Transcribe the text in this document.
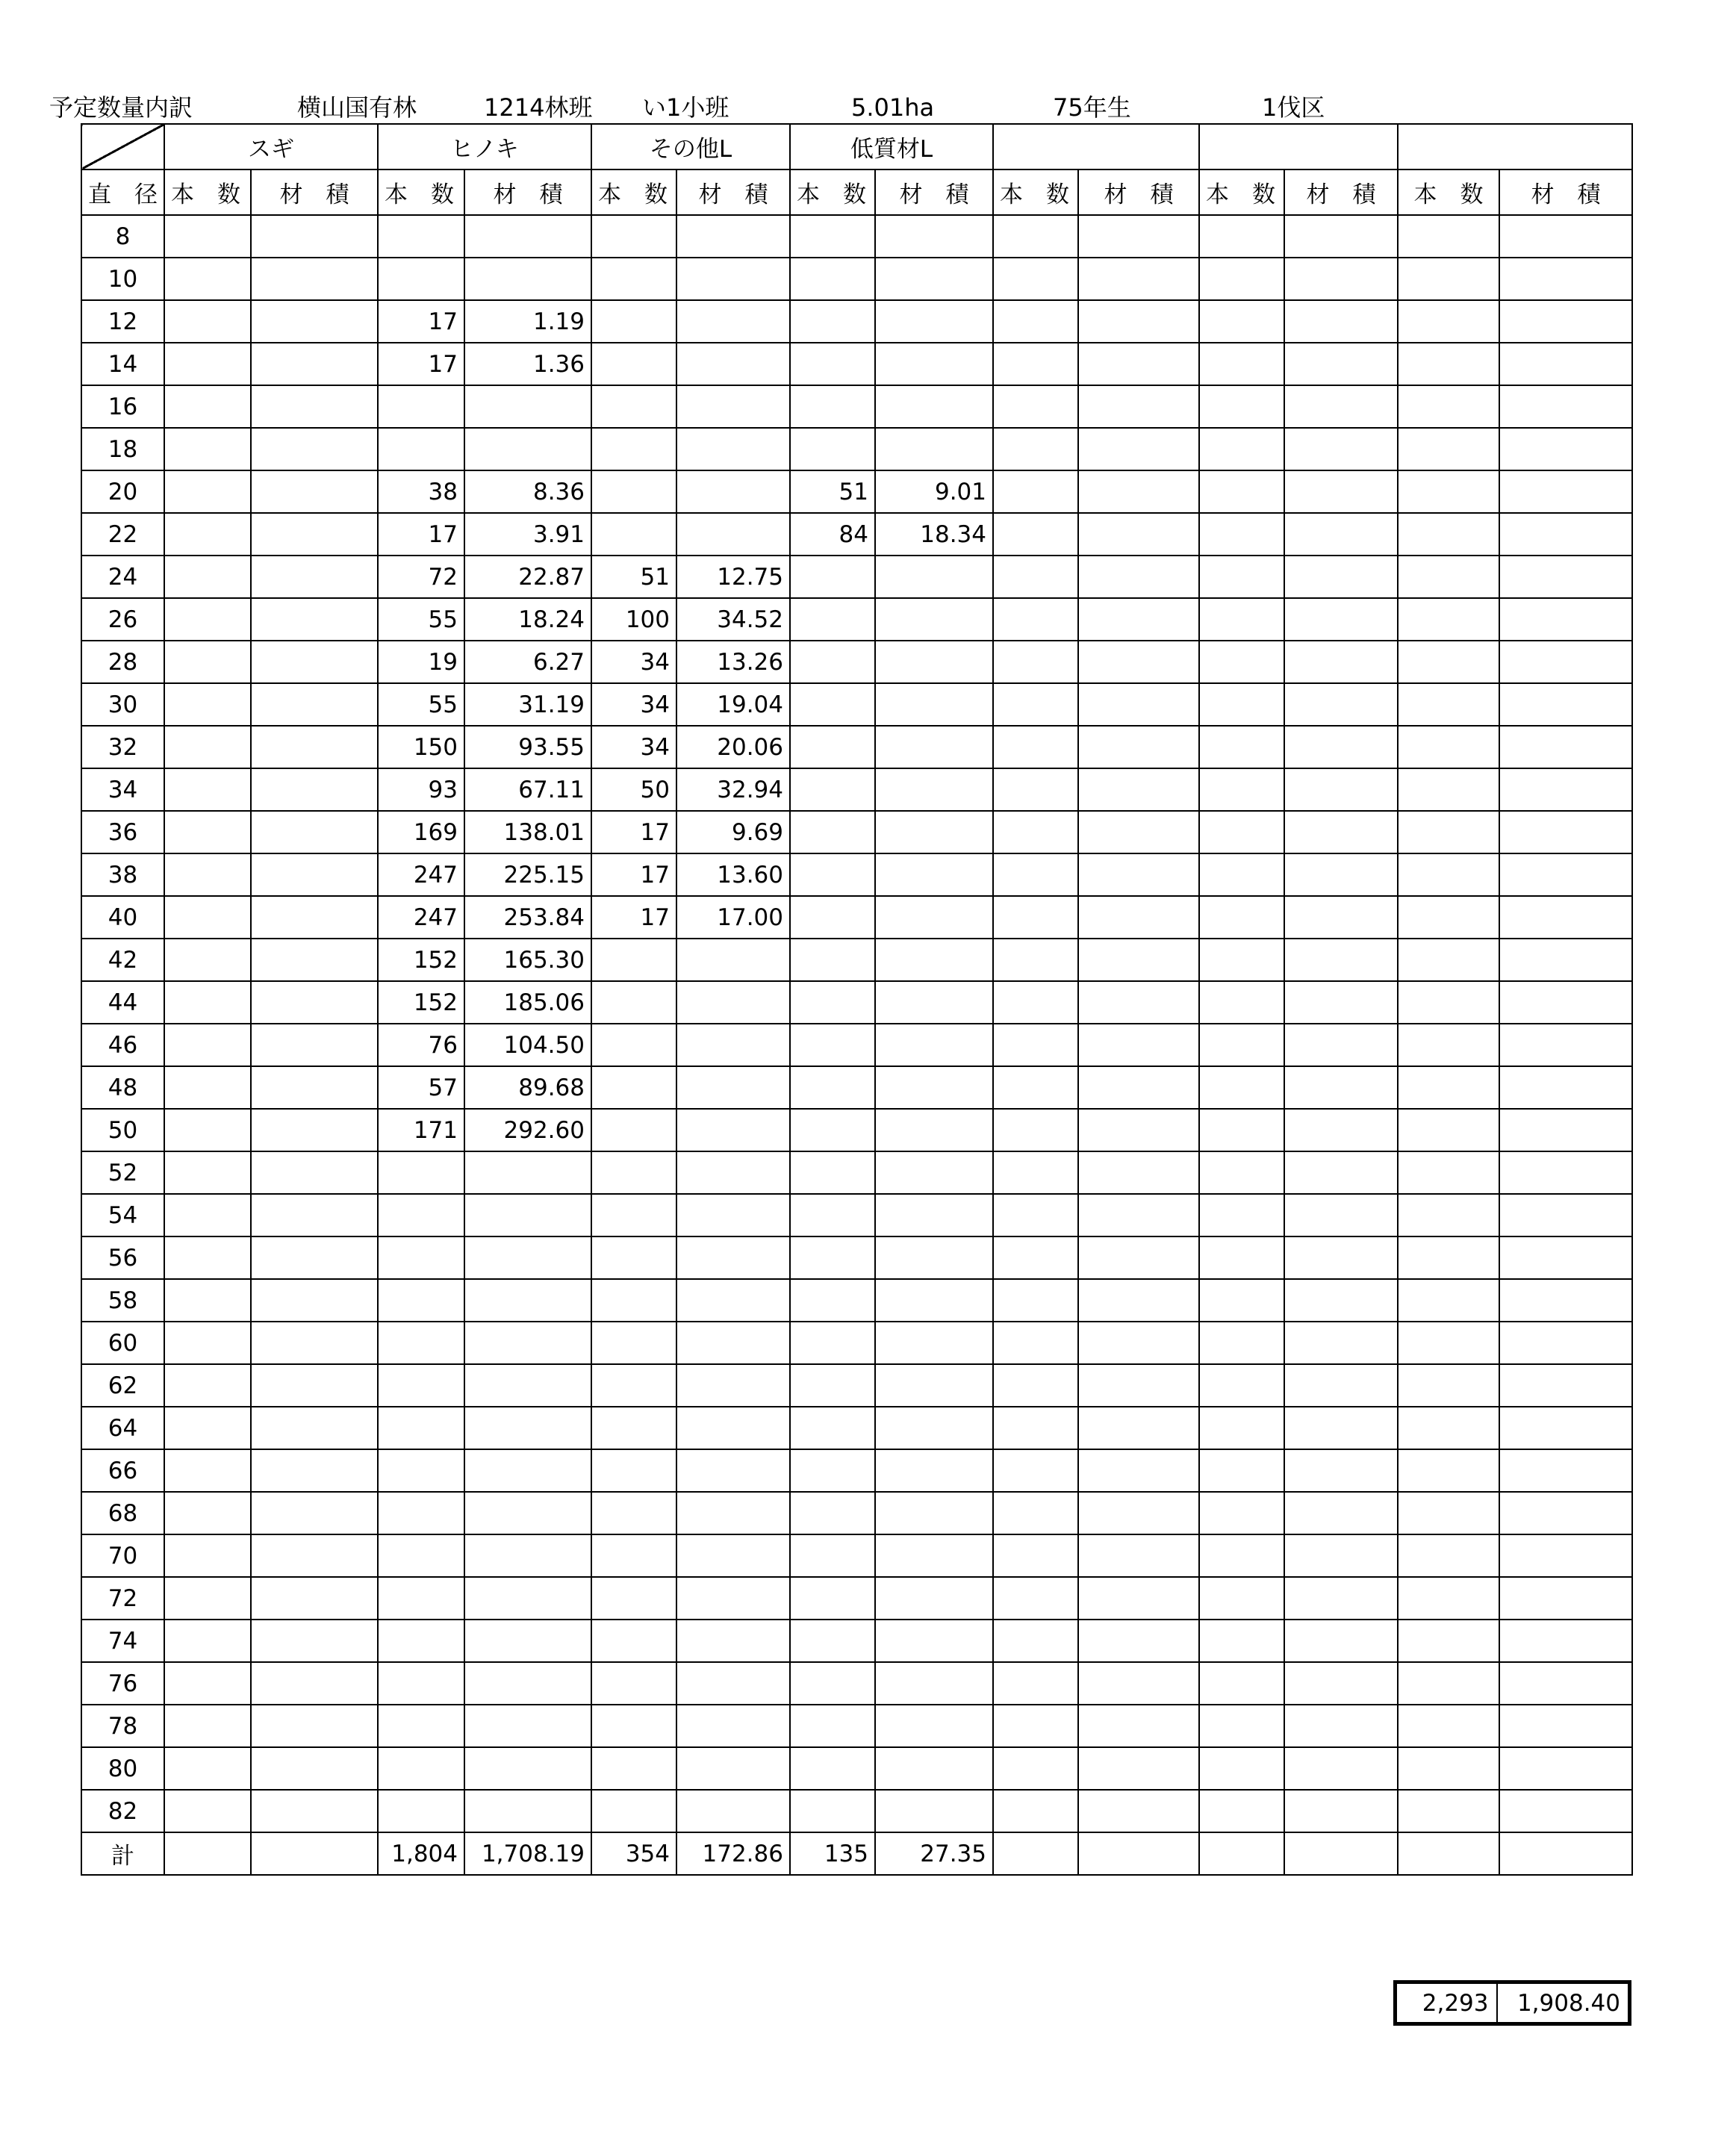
予定数量内訳	横山国有林	1214林班 い1小班	5.01ha	75年生	1伐区
	スギ		ヒノキ		その他L		低質材L							
直　径	本　数	材　積	本　数	材　積	本　数	材　積	本　数	材　積	本　数	材　積	本　数	材　積	本　数	材　積
8														
10														
12			17	1.19										
14			17	1.36										
16														
18														
20			38	8.36			51	9.01						
22			17	3.91			84	18.34						
24			72	22.87	51	12.75								
26			55	18.24	100	34.52								
28			19	6.27	34	13.26								
30			55	31.19	34	19.04								
32			150	93.55	34	20.06								
34			93	67.11	50	32.94								
36			169	138.01	17	9.69								
38			247	225.15	17	13.60								
40			247	253.84	17	17.00								
42			152	165.30										
44			152	185.06										
46			76	104.50										
48			57	89.68										
50			171	292.60										
52														
54														
56														
58														
60														
62														
64														
66														
68														
70														
72														
74														
76														
78														
80														
82														
計			1,804	1,708.19	354	172.86	135	27.35						
2,293	1,908.40
